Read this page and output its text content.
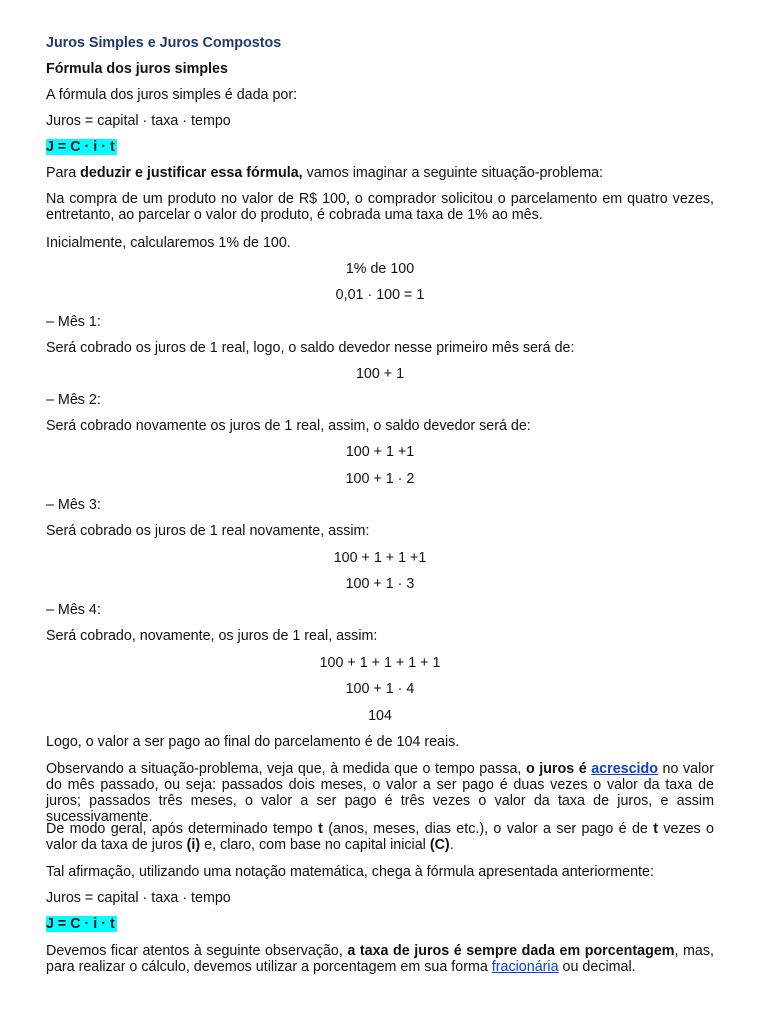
Juros Simples e Juros Compostos
Fórmula dos juros simples
A fórmula dos juros simples é dada por:
Juros = capital · taxa · tempo
J = C · i · t
Para deduzir e justificar essa fórmula, vamos imaginar a seguinte situação-problema:
Na compra de um produto no valor de R$ 100, o comprador solicitou o parcelamento em quatro vezes, entretanto, ao parcelar o valor do produto, é cobrada uma taxa de 1% ao mês.
Inicialmente, calcularemos 1% de 100.
1% de 100
0,01 · 100 = 1
– Mês 1:
Será cobrado os juros de 1 real, logo, o saldo devedor nesse primeiro mês será de:
100 + 1
– Mês 2:
Será cobrado novamente os juros de 1 real, assim, o saldo devedor será de:
100 + 1 +1
100 + 1 · 2
– Mês 3:
Será cobrado os juros de 1 real novamente, assim:
100 + 1 + 1 +1
100 + 1 · 3
– Mês 4:
Será cobrado, novamente, os juros de 1 real, assim:
100 + 1 + 1 + 1 + 1
100 + 1 · 4
104
Logo, o valor a ser pago ao final do parcelamento é de 104 reais.
Observando a situação-problema, veja que, à medida que o tempo passa, o juros é acrescido no valor do mês passado, ou seja: passados dois meses, o valor a ser pago é duas vezes o valor da taxa de juros; passados três meses, o valor a ser pago é três vezes o valor da taxa de juros, e assim sucessivamente.
De modo geral, após determinado tempo t (anos, meses, dias etc.), o valor a ser pago é de t vezes o valor da taxa de juros (i) e, claro, com base no capital inicial (C).
Tal afirmação, utilizando uma notação matemática, chega à fórmula apresentada anteriormente:
Juros = capital · taxa · tempo
J = C · i · t
Devemos ficar atentos à seguinte observação, a taxa de juros é sempre dada em porcentagem, mas, para realizar o cálculo, devemos utilizar a porcentagem em sua forma fracionária ou decimal.
